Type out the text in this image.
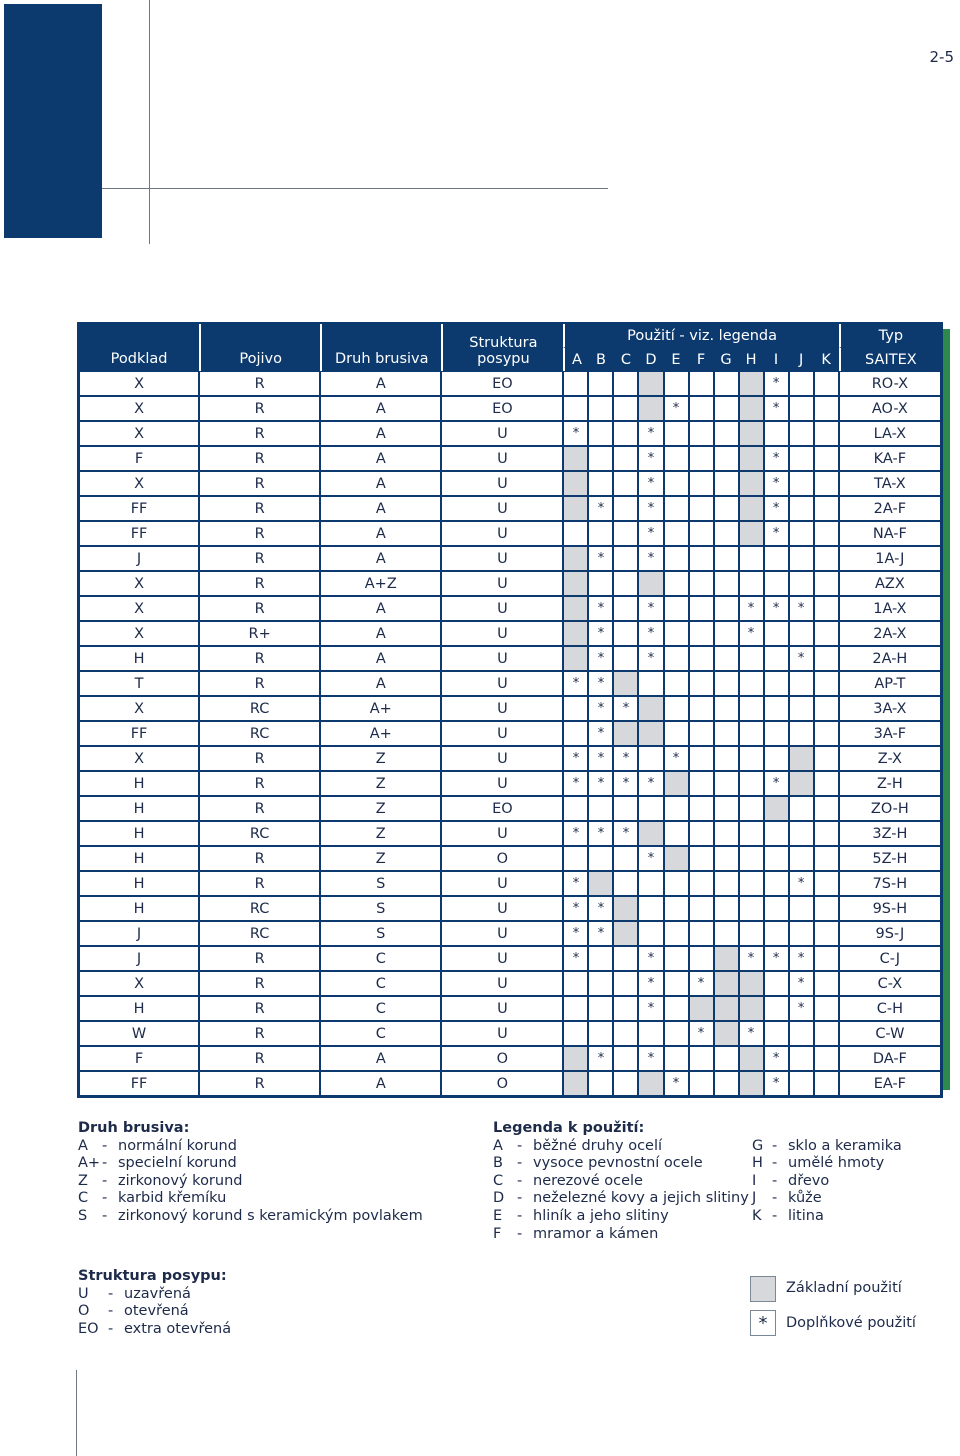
2-5
Podklad	Pojivo	Druh brusiva	Struktura posypu	Použití - viz. legenda											Typ
				A	B	C	D	E	F	G	H	I	J	K	SAITEX
X	R	A	EO									*			RO-X
X	R	A	EO					*				*			AO-X
X	R	A	U	*			*								LA-X
F	R	A	U				*					*			KA-F
X	R	A	U				*					*			TA-X
FF	R	A	U		*		*					*			2A-F
FF	R	A	U				*					*			NA-F
J	R	A	U		*		*								1A-J
X	R	A+Z	U												AZX
X	R	A	U		*		*				*	*	*		1A-X
X	R+	A	U		*		*				*				2A-X
H	R	A	U		*		*						*		2A-H
T	R	A	U	*	*										AP-T
X	RC	A+	U		*	*									3A-X
FF	RC	A+	U		*										3A-F
X	R	Z	U	*	*	*		*							Z-X
H	R	Z	U	*	*	*	*					*			Z-H
H	R	Z	EO												ZO-H
H	RC	Z	U	*	*	*									3Z-H
H	R	Z	O				*								5Z-H
H	R	S	U	*									*		7S-H
H	RC	S	U	*	*										9S-H
J	RC	S	U	*	*										9S-J
J	R	C	U	*			*				*	*	*		C-J
X	R	C	U				*		*				*		C-X
H	R	C	U				*						*		C-H
W	R	C	U						*		*				C-W
F	R	A	O		*		*					*			DA-F
FF	R	A	O					*				*			EA-F
Druh brusiva:
A - normální korund
A+ - specielní korund
Z - zirkonový korund
C - karbid křemíku
S - zirkonový korund s keramickým povlakem
Legenda k použití:
A - běžné druhy ocelí
B - vysoce pevnostní ocele
C - nerezové ocele
D - neželezné kovy a jejich slitiny
E - hliník a jeho slitiny
F - mramor a kámen
G - sklo a keramika
H - umělé hmoty
I - dřevo
J - kůže
K - litina
Struktura posypu:
U - uzavřená
O - otevřená
EO - extra otevřená
Základní použití
*	Doplňkové použití
